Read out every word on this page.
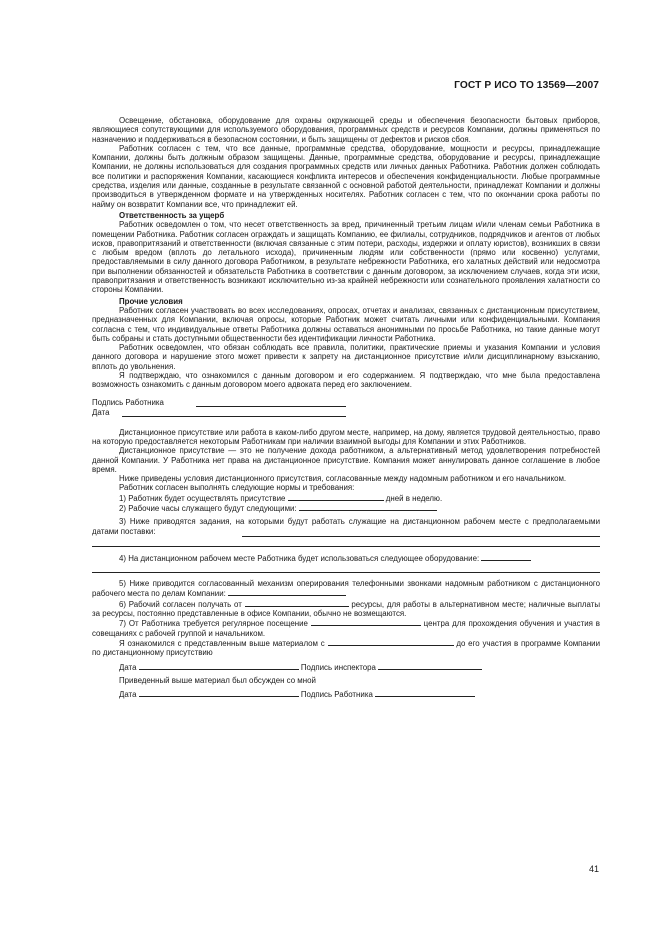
ГОСТ Р ИСО ТО 13569—2007

Освещение, обстановка, оборудование для охраны окружающей среды и обеспечения безопасности бытовых приборов, являющиеся сопутствующими для используемого оборудования, программных средств и ресурсов Компании, должны применяться по назначению и поддерживаться в безопасном состоянии, и быть защищены от дефектов и рисков сбоя.

Работник согласен с тем, что все данные, программные средства, оборудование, мощности и ресурсы, принадлежащие Компании, должны быть должным образом защищены. Данные, программные средства, оборудование и ресурсы, принадлежащие Компании, не должны использоваться для создания программных средств или личных данных Работника. Работник должен соблюдать все политики и распоряжения Компании, касающиеся конфликта интересов и обеспечения конфиденциальности. Любые программные средства, изделия или данные, созданные в результате связанной с основной работой деятельности, принадлежат Компании и должны производиться в утвержденном формате и на утвержденных носителях. Работник согласен с тем, что по окончании срока работы по найму он возвратит Компании все, что принадлежит ей.

Ответственность за ущерб

Работник осведомлен о том, что несет ответственность за вред, причиненный третьим лицам и/или членам семьи Работника в помещении Работника. Работник согласен ограждать и защищать Компанию, ее филиалы, сотрудников, подрядчиков и агентов от любых исков, правопритязаний и ответственности (включая связанные с этим потери, расходы, издержки и оплату юристов), возникших в связи с любым вредом (вплоть до летального исхода), причиненным людям или собственности (прямо или косвенно) услугами, предоставляемыми в силу данного договора Работником, в результате небрежности Работника, его халатных действий или недосмотра при выполнении обязанностей и обязательств Работника в соответствии с данным договором, за исключением случаев, когда эти иски, правопритязания и ответственность возникают исключительно из-за крайней небрежности или сознательного проявления халатности со стороны Компании.

Прочие условия

Работник согласен участвовать во всех исследованиях, опросах, отчетах и анализах, связанных с дистанционным присутствием, предназначенных для Компании, включая опросы, которые Работник может считать личными или конфиденциальными. Компания согласна с тем, что индивидуальные ответы Работника должны оставаться анонимными по просьбе Работника, но такие данные могут быть собраны и стать доступными общественности без идентификации личности Работника.

Работник осведомлен, что обязан соблюдать все правила, политики, практические приемы и указания Компании и условия данного договора и нарушение этого может привести к запрету на дистанционное присутствие и/или дисциплинарному взысканию, вплоть до увольнения.

Я подтверждаю, что ознакомился с данным договором и его содержанием. Я подтверждаю, что мне была предоставлена возможность ознакомить с данным договором моего адвоката перед его заключением.

Подпись Работника
Дата

Дистанционное присутствие или работа в каком-либо другом месте, например, на дому, является трудовой деятельностью, право на которую предоставляется некоторым Работникам при наличии взаимной выгоды для Компании и этих Работников.

Дистанционное присутствие — это не получение дохода работником, а альтернативный метод удовлетворения потребностей данной Компании. У Работника нет права на дистанционное присутствие. Компания может аннулировать данное соглашение в любое время.

Ниже приведены условия дистанционного присутствия, согласованные между надомным работником и его начальником.

Работник согласен выполнять следующие нормы и требования:

1) Работник будет осуществлять присутствие	дней в неделю.

2) Рабочие часы служащего будут следующими:

3) Ниже приводятся задания, на которыми будут работать служащие на дистанционном рабочем месте с предполагаемыми датами поставки:

4) На дистанционном рабочем месте Работника будет использоваться следующее оборудование:

5) Ниже приводится согласованный механизм оперирования телефонными звонками надомным работником с дистанционного рабочего места по делам Компании:

6) Рабочий согласен получать от	ресурсы, для работы в альтернативном месте; наличные выплаты за ресурсы, постоянно представленные в офисе Компании, обычно не возмещаются.

7) От Работника требуется регулярное посещение	центра для прохождения обучения и участия в совещаниях с рабочей группой и начальником.

Я ознакомился с представленным выше материалом с	до его участия в программе Компании по дистанционному присутствию

Дата	Подпись инспектора

Приведенный выше материал был обсужден со мной

Дата	Подпись Работника

41
